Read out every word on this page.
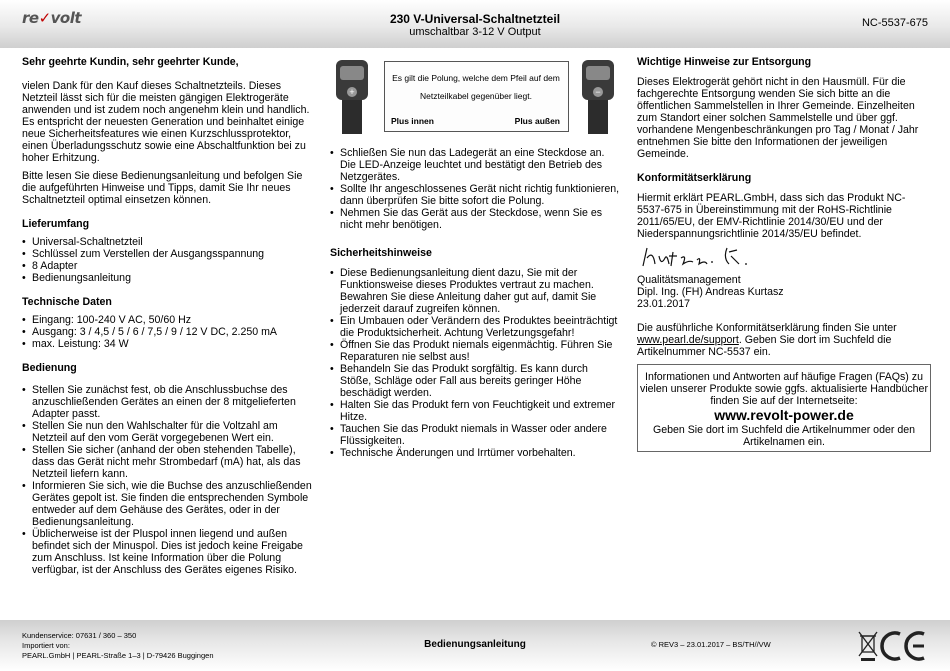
re✓volt	230 V-Universal-Schaltnetzteil
umschaltbar 3-12 V Output
NC-5537-675
Sehr geehrte Kundin, sehr geehrter Kunde,

vielen Dank für den Kauf dieses Schaltnetzteils. Dieses Netzteil lässt sich für die meisten gängigen Elektrogeräte anwenden und ist zudem noch angenehm klein und handlich. Es entspricht der neuesten Generation und beinhaltet einige neue Sicherheitsfeatures wie einen Kurzschlussprotektor, einen Überladungsschutz sowie eine Abschaltfunktion bei zu hoher Erhitzung.

Bitte lesen Sie diese Bedienungsanleitung und befolgen Sie die aufgeführten Hinweise und Tipps, damit Sie Ihr neues Schaltnetzteil optimal einsetzen können.

Lieferumfang
• Universal-Schaltnetzteil
• Schlüssel zum Verstellen der Ausgangsspannung
• 8 Adapter
• Bedienungsanleitung
Technische Daten
• Eingang: 100-240 V AC, 50/60 Hz
• Ausgang: 3 / 4,5 / 5 / 6 / 7,5 / 9 / 12 V DC, 2.250 mA
• max. Leistung: 34 W
Bedienung
• Stellen Sie zunächst fest, ob die Anschlussbuchse des anzuschließenden Gerätes an einen der 8 mitgelieferten Adapter passt.
• Stellen Sie nun den Wahlschalter für die Voltzahl am Netzteil auf den vom Gerät vorgegebenen Wert ein.
• Stellen Sie sicher (anhand der oben stehenden Tabelle), dass das Gerät nicht mehr Strombedarf (mA) hat, als das Netzteil liefern kann.
• Informieren Sie sich, wie die Buchse des anzuschließenden Gerätes gepolt ist. Sie finden die entsprechenden Symbole entweder auf dem Gehäuse des Gerätes, oder in der Bedienungsanleitung.
• Üblicherweise ist der Pluspol innen liegend und außen befindet sich der Minuspol. Dies ist jedoch keine Freigabe zum Anschluss. Ist keine Information über die Polung verfügbar, ist der Anschluss des Gerätes eigenes Risiko.
+
Es gilt die Polung, welche dem Pfeil auf dem Netzteilkabel gegenüber liegt.
Plus innen	Plus außen
−
• Schließen Sie nun das Ladegerät an eine Steckdose an. Die LED-Anzeige leuchtet und bestätigt den Betrieb des Netzgerätes.
• Sollte Ihr angeschlossenes Gerät nicht richtig funktionieren, dann überprüfen Sie bitte sofort die Polung.
• Nehmen Sie das Gerät aus der Steckdose, wenn Sie es nicht mehr benötigen.
Sicherheitshinweise
• Diese Bedienungsanleitung dient dazu, Sie mit der Funktionsweise dieses Produktes vertraut zu machen. Bewahren Sie diese Anleitung daher gut auf, damit Sie jederzeit darauf zugreifen können.
• Ein Umbauen oder Verändern des Produktes beeinträchtigt die Produktsicherheit. Achtung Verletzungsgefahr!
• Öffnen Sie das Produkt niemals eigenmächtig. Führen Sie Reparaturen nie selbst aus!
• Behandeln Sie das Produkt sorgfältig. Es kann durch Stöße, Schläge oder Fall aus bereits geringer Höhe beschädigt werden.
• Halten Sie das Produkt fern von Feuchtigkeit und extremer Hitze.
• Tauchen Sie das Produkt niemals in Wasser oder andere Flüssigkeiten.
• Technische Änderungen und Irrtümer vorbehalten.
Wichtige Hinweise zur Entsorgung

Dieses Elektrogerät gehört nicht in den Hausmüll. Für die fachgerechte Entsorgung wenden Sie sich bitte an die öffentlichen Sammelstellen in Ihrer Gemeinde. Einzelheiten zum Standort einer solchen Sammelstelle und über ggf. vorhandene Mengenbeschränkungen pro Tag / Monat / Jahr entnehmen Sie bitte den Informationen der jeweiligen Gemeinde.

Konformitätserklärung

Hiermit erklärt PEARL.GmbH, dass sich das Produkt NC-5537-675 in Übereinstimmung mit der RoHS-Richtlinie 2011/65/EU, der EMV-Richtlinie 2014/30/EU und der Niederspannungsrichtlinie 2014/35/EU befindet.

Qualitätsmanagement

Dipl. Ing. (FH) Andreas Kurtasz

23.01.2017

Die ausführliche Konformitätserklärung finden Sie unter www.pearl.de/support. Geben Sie dort im Suchfeld die Artikelnummer NC-5537 ein.

Informationen und Antworten auf häufige Fragen (FAQs) zu vielen unserer Produkte sowie ggfs. aktualisierte Handbücher finden Sie auf der Internetseite:
www.revolt-power.de
Geben Sie dort im Suchfeld die Artikelnummer oder den Artikelnamen ein.
Kundenservice: 07631 / 360 – 350
Importiert von:
PEARL.GmbH | PEARL-Straße 1–3 | D-79426 Buggingen
Bedienungsanleitung	© REV3 – 23.01.2017 – BS/TH//VW
